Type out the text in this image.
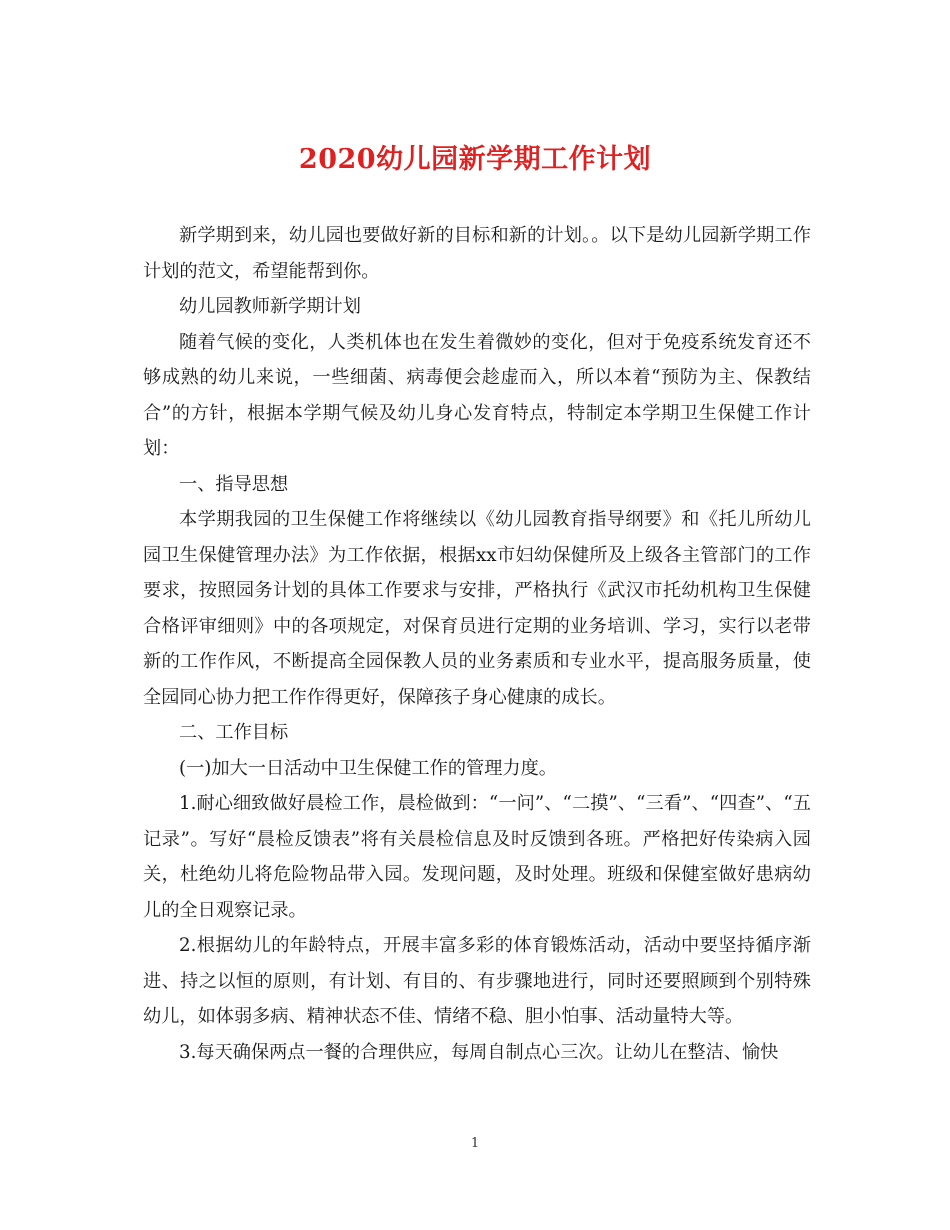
2020幼儿园新学期工作计划

新学期到来，幼儿园也要做好新的目标和新的计划。。以下是幼儿园新学期工作计划的范文，希望能帮到你。

幼儿园教师新学期计划

随着气候的变化，人类机体也在发生着微妙的变化，但对于免疫系统发育还不够成熟的幼儿来说，一些细菌、病毒便会趁虚而入，所以本着“预防为主、保教结合”的方针，根据本学期气候及幼儿身心发育特点，特制定本学期卫生保健工作计划：

一、指导思想

本学期我园的卫生保健工作将继续以《幼儿园教育指导纲要》和《托儿所幼儿园卫生保健管理办法》为工作依据，根据xx市妇幼保健所及上级各主管部门的工作要求，按照园务计划的具体工作要求与安排，严格执行《武汉市托幼机构卫生保健合格评审细则》中的各项规定，对保育员进行定期的业务培训、学习，实行以老带新的工作作风，不断提高全园保教人员的业务素质和专业水平，提高服务质量，使全园同心协力把工作作得更好，保障孩子身心健康的成长。

二、工作目标

(一)加大一日活动中卫生保健工作的管理力度。

1.耐心细致做好晨检工作，晨检做到：“一问”、“二摸”、“三看”、“四查”、“五记录”。写好“晨检反馈表”将有关晨检信息及时反馈到各班。严格把好传染病入园关，杜绝幼儿将危险物品带入园。发现问题，及时处理。班级和保健室做好患病幼儿的全日观察记录。

2.根据幼儿的年龄特点，开展丰富多彩的体育锻炼活动，活动中要坚持循序渐进、持之以恒的原则，有计划、有目的、有步骤地进行，同时还要照顾到个别特殊幼儿，如体弱多病、精神状态不佳、情绪不稳、胆小怕事、活动量特大等。

3.每天确保两点一餐的合理供应，每周自制点心三次。让幼儿在整洁、愉快

1
